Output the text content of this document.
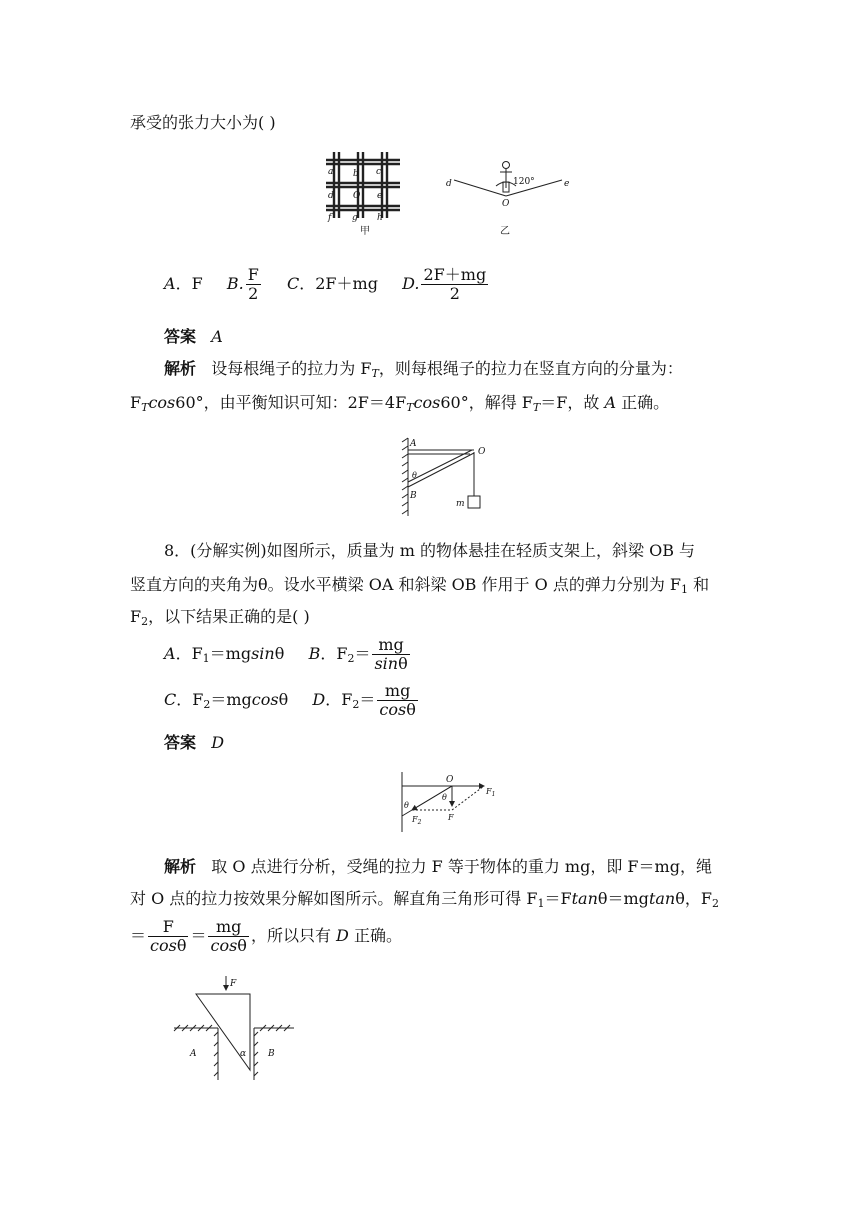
承受的张力大小为( )
a b c
d O e
f g h
甲
d	120°	e
O
乙
A．F B. $\frac{F}{2}$ C．2F＋mg D. $\frac{2F+mg}{2}$
答案 A
解析 设每根绳子的拉力为 $F_T$，则每根绳子的拉力在竖直方向的分量为：
$F_T\cos 60^\circ$，由平衡知识可知：$2F=4F_T\cos 60^\circ$，解得 $F_T=F$，故 A 正确。
A
O
θ
B
m
8．(分解实例)如图所示，质量为 m 的物体悬挂在轻质支架上，斜梁 OB 与
竖直方向的夹角为θ。设水平横梁 OA 和斜梁 OB 作用于 O 点的弹力分别为 $F_1$ 和
$F_2$，以下结果正确的是( )
A．$F_1=mgsin\theta$ B．$F_2= \frac{mg}{\sin\theta}$
C．$F_2=mgcos\theta$ D．$F_2= \frac{mg}{\cos\theta}$
答案 D
O
$F_1$
θ
θ
$F_2$
F
解析 取 O 点进行分析，受绳的拉力 F 等于物体的重力 mg，即 F＝mg，绳
对 O 点的拉力按效果分解如图所示。解直角三角形可得 $F_1=Ftan\theta=mgtan\theta$，$F_2$
＝ $\frac{F}{\cos\theta} = \frac{mg}{\cos\theta}$ ，所以只有 D 正确。
F
α
A	B
